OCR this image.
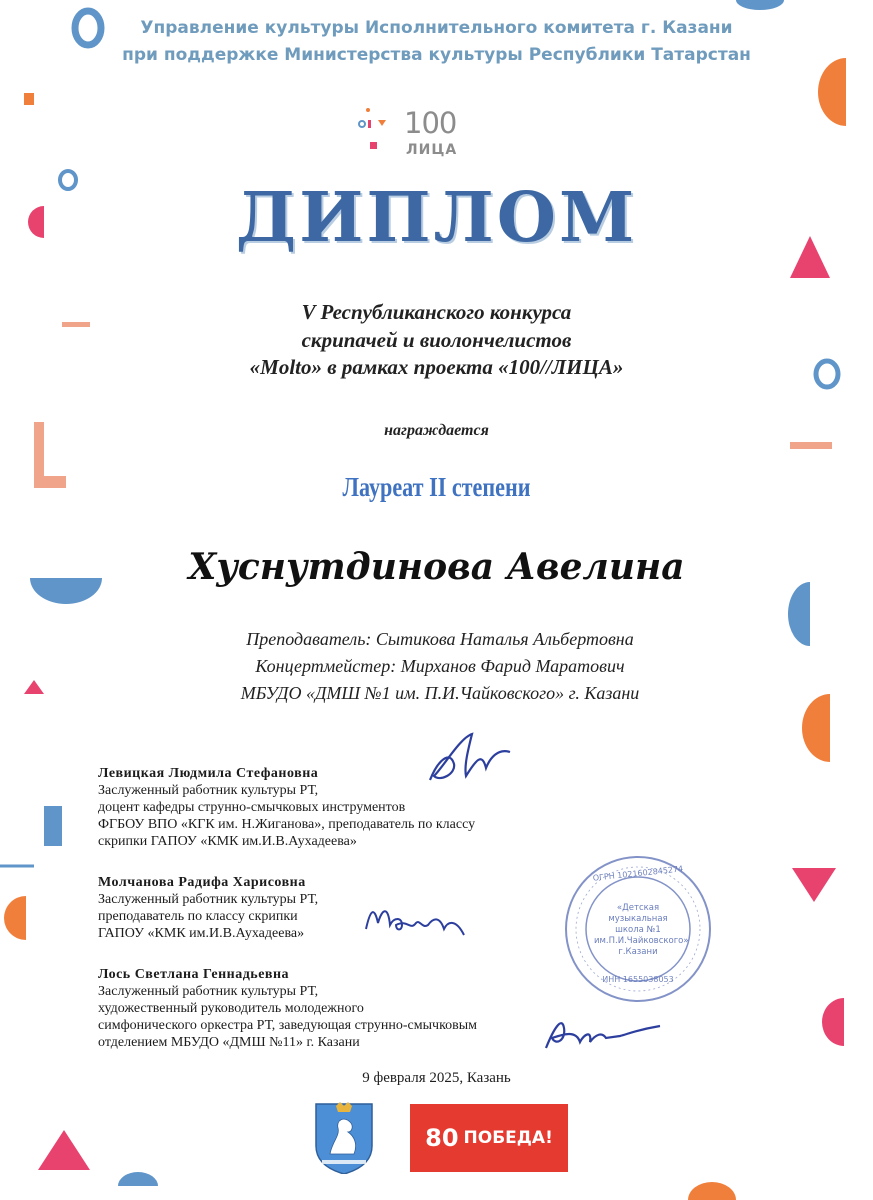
Управление культуры Исполнительного комитета г. Казани
при поддержке Министерства культуры Республики Татарстан
100
ЛИЦА
ДИПЛОМ
V Республиканского конкурса
скрипачей и виолончелистов
«Molto» в рамках проекта «100//ЛИЦА»
награждается
Лауреат II степени
Хуснутдинова Авелина
Преподаватель: Сытикова Наталья Альбертовна
Концертмейстер: Мирханов Фарид Маратович
МБУДО «ДМШ №1 им. П.И.Чайковского» г. Казани
Левицкая Людмила Стефановна
Заслуженный работник культуры РТ,
доцент кафедры струнно-смычковых инструментов
ФГБОУ ВПО «КГК им. Н.Жиганова», преподаватель по классу
скрипки ГАПОУ «КМК им.И.В.Аухадеева»
Молчанова Радифа Харисовна
Заслуженный работник культуры РТ,
преподаватель по классу скрипки
ГАПОУ «КМК им.И.В.Аухадеева»
Лось Светлана Геннадьевна
Заслуженный работник культуры РТ,
художественный руководитель молодежного
симфонического оркестра РТ, заведующая струнно-смычковым
отделением МБУДО «ДМШ №11» г. Казани
ОГРН 1021602845274
«Детская
музыкальная школа №1
им.П.И.Чайковского»
г.Казани
ИНН 1655038053
9 февраля 2025, Казань
80 ПОБЕДА!
